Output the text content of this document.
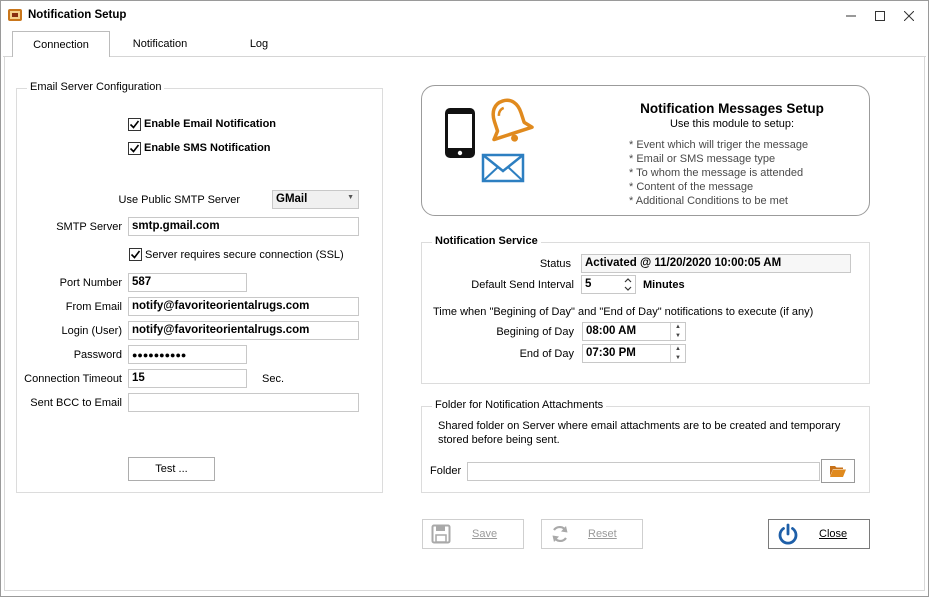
Notification Setup
Connection	Notification	Log
Email Server Configuration
Enable Email Notification
Enable SMS Notification
Use Public SMTP Server	GMail	▼
SMTP Server smtp.gmail.com
Server requires secure connection (SSL)
Port Number 587
From Email notify@favoriteorientalrugs.com
Login (User) notify@favoriteorientalrugs.com
Password	●●●●●●●●●●
Connection Timeout 15	Sec.
Sent BCC to Email
Test ...
Notification Messages Setup
Use this module to setup:
* Event which will triger the message
* Email or SMS message type
* To whom the message is attended
* Content of the message
* Additional Conditions to be met
Notification Service
Status	Activated @ 11/20/2020 10:00:05 AM
Default Send Interval 5	Minutes
Time when "Begining of Day" and "End of Day" notifications to execute (if any)
Begining of Day	08:00 AM	▲
▼
End of Day	07:30 PM	▲
▼
Folder for Notification Attachments
Shared folder on Server where email attachments are to be created and temporary stored before being sent.
Folder
Save	Reset	Close
